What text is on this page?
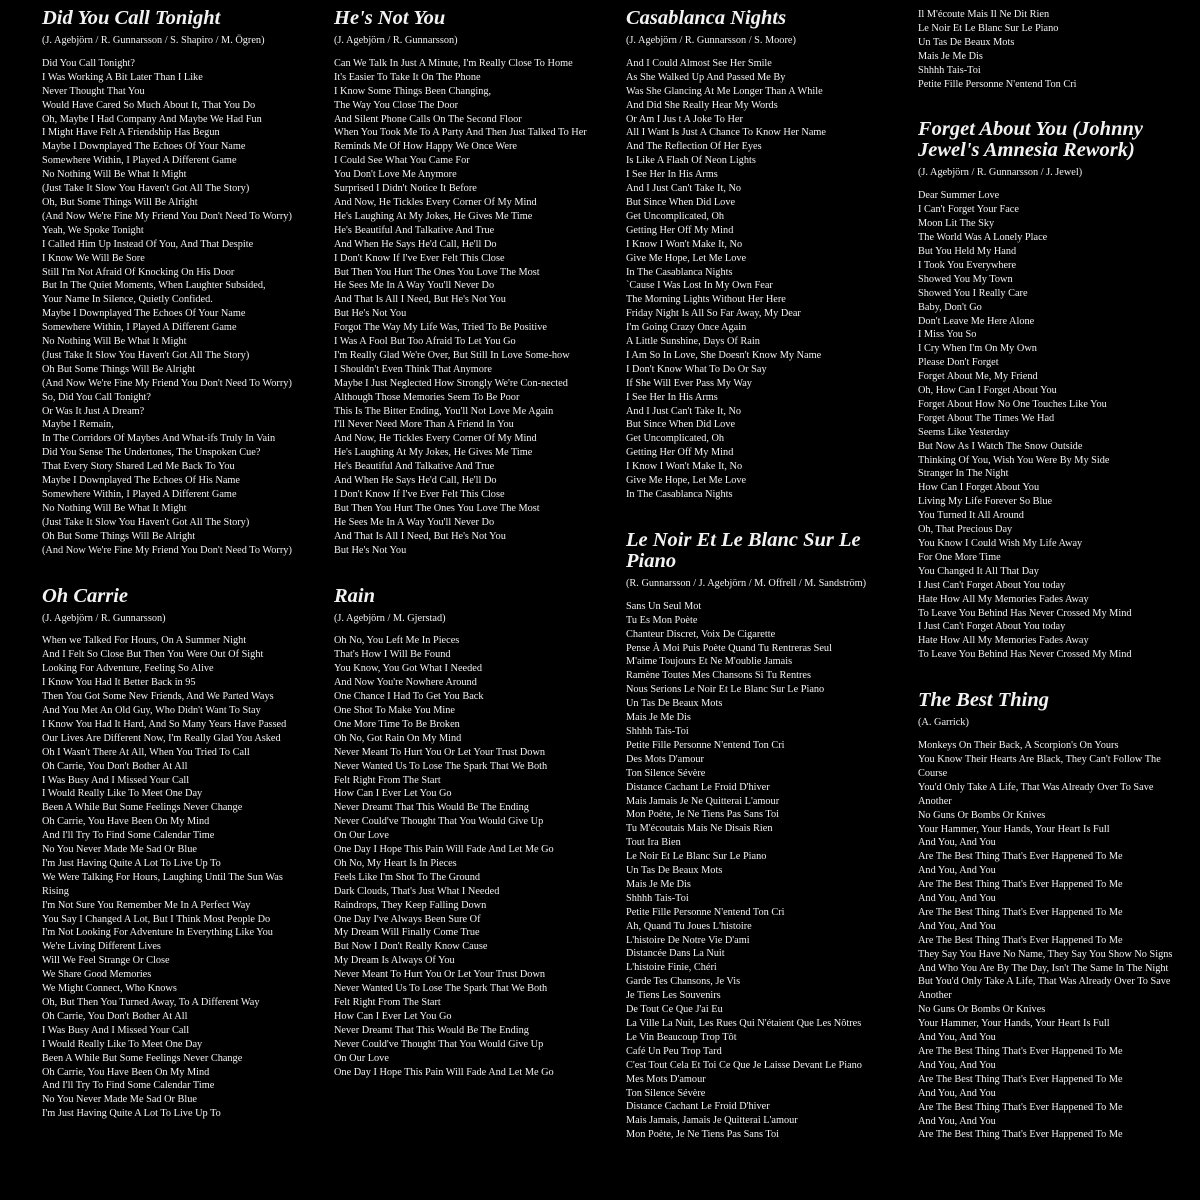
Did You Call Tonight

(J. Agebjörn / R. Gunnarsson / S. Shapiro / M. Ögren)

Did You Call Tonight?
I Was Working A Bit Later Than I Like
Never Thought That You
Would Have Cared So Much About It, That You Do
Oh, Maybe I Had Company And Maybe We Had Fun
I Might Have Felt A Friendship Has Begun
Maybe I Downplayed The Echoes Of Your Name
Somewhere Within, I Played A Different Game
No Nothing Will Be What It Might
(Just Take It Slow You Haven't Got All The Story)
Oh, But Some Things Will Be Alright
(And Now We're Fine My Friend You Don't Need To Worry)
Yeah, We Spoke Tonight
I Called Him Up Instead Of You, And That Despite
I Know We Will Be Sore
Still I'm Not Afraid Of Knocking On His Door
But In The Quiet Moments, When Laughter Subsided,
Your Name In Silence, Quietly Confided.
Maybe I Downplayed The Echoes Of Your Name
Somewhere Within, I Played A Different Game
No Nothing Will Be What It Might
(Just Take It Slow You Haven't Got All The Story)
Oh But Some Things Will Be Alright
(And Now We're Fine My Friend You Don't Need To Worry)
So, Did You Call Tonight?
Or Was It Just A Dream?
Maybe I Remain,
In The Corridors Of Maybes And What-ifs Truly In Vain
Did You Sense The Undertones, The Unspoken Cue?
That Every Story Shared Led Me Back To You
Maybe I Downplayed The Echoes Of His Name
Somewhere Within, I Played A Different Game
No Nothing Will Be What It Might
(Just Take It Slow You Haven't Got All The Story)
Oh But Some Things Will Be Alright
(And Now We're Fine My Friend You Don't Need To Worry)
Oh Carrie

(J. Agebjörn / R. Gunnarsson)

When we Talked For Hours, On A Summer Night
And I Felt So Close But Then You Were Out Of Sight
Looking For Adventure, Feeling So Alive
I Know You Had It Better Back in 95
Then You Got Some New Friends, And We Parted Ways
And You Met An Old Guy, Who Didn't Want To Stay
I Know You Had It Hard, And So Many Years Have Passed
Our Lives Are Different Now, I'm Really Glad You Asked
Oh I Wasn't There At All, When You Tried To Call
Oh Carrie, You Don't Bother At All
I Was Busy And I Missed Your Call
I Would Really Like To Meet One Day
Been A While But Some Feelings Never Change
Oh Carrie, You Have Been On My Mind
And I'll Try To Find Some Calendar Time
No You Never Made Me Sad Or Blue
I'm Just Having Quite A Lot To Live Up To
We Were Talking For Hours, Laughing Until The Sun Was Rising
I'm Not Sure You Remember Me In A Perfect Way
You Say I Changed A Lot, But I Think Most People Do
I'm Not Looking For Adventure In Everything Like You
We're Living Different Lives
Will We Feel Strange Or Close
We Share Good Memories
We Might Connect, Who Knows
Oh, But Then You Turned Away, To A Different Way
Oh Carrie, You Don't Bother At All
I Was Busy And I Missed Your Call
I Would Really Like To Meet One Day
Been A While But Some Feelings Never Change
Oh Carrie, You Have Been On My Mind
And I'll Try To Find Some Calendar Time
No You Never Made Me Sad Or Blue
I'm Just Having Quite A Lot To Live Up To
He's Not You

(J. Agebjörn / R. Gunnarsson)

Can We Talk In Just A Minute, I'm Really Close To Home
It's Easier To Take It On The Phone
I Know Some Things Been Changing,
The Way You Close The Door
And Silent Phone Calls On The Second Floor
When You Took Me To A Party And Then Just Talked To Her
Reminds Me Of How Happy We Once Were
I Could See What You Came For
You Don't Love Me Anymore
Surprised I Didn't Notice It Before
And Now, He Tickles Every Corner Of My Mind
He's Laughing At My Jokes, He Gives Me Time
He's Beautiful And Talkative And True
And When He Says He'd Call, He'll Do
I Don't Know If I've Ever Felt This Close
But Then You Hurt The Ones You Love The Most
He Sees Me In A Way You'll Never Do
And That Is All I Need, But He's Not You
But He's Not You
Forgot The Way My Life Was, Tried To Be Positive
I Was A Fool But Too Afraid To Let You Go
I'm Really Glad We're Over, But Still In Love Some-how
I Shouldn't Even Think That Anymore
Maybe I Just Neglected How Strongly We're Con-nected
Although Those Memories Seem To Be Poor
This Is The Bitter Ending, You'll Not Love Me Again
I'll Never Need More Than A Friend In You
And Now, He Tickles Every Corner Of My Mind
He's Laughing At My Jokes, He Gives Me Time
He's Beautiful And Talkative And True
And When He Says He'd Call, He'll Do
I Don't Know If I've Ever Felt This Close
But Then You Hurt The Ones You Love The Most
He Sees Me In A Way You'll Never Do
And That Is All I Need, But He's Not You
But He's Not You
Rain

(J. Agebjörn / M. Gjerstad)

Oh No, You Left Me In Pieces
That's How I Will Be Found
You Know, You Got What I Needed
And Now You're Nowhere Around
One Chance I Had To Get You Back
One Shot To Make You Mine
One More Time To Be Broken
Oh No, Got Rain On My Mind
Never Meant To Hurt You Or Let Your Trust Down
Never Wanted Us To Lose The Spark That We Both
Felt Right From The Start
How Can I Ever Let You Go
Never Dreamt That This Would Be The Ending
Never Could've Thought That You Would Give Up
On Our Love
One Day I Hope This Pain Will Fade And Let Me Go
Oh No, My Heart Is In Pieces
Feels Like I'm Shot To The Ground
Dark Clouds, That's Just What I Needed
Raindrops, They Keep Falling Down
One Day I've Always Been Sure Of
My Dream Will Finally Come True
But Now I Don't Really Know Cause
My Dream Is Always Of You
Never Meant To Hurt You Or Let Your Trust Down
Never Wanted Us To Lose The Spark That We Both
Felt Right From The Start
How Can I Ever Let You Go
Never Dreamt That This Would Be The Ending
Never Could've Thought That You Would Give Up
On Our Love
One Day I Hope This Pain Will Fade And Let Me Go
Casablanca Nights

(J. Agebjörn / R. Gunnarsson / S. Moore)

And I Could Almost See Her Smile
As She Walked Up And Passed Me By
Was She Glancing At Me Longer Than A While
And Did She Really Hear My Words
Or Am I Jus t A Joke To Her
All I Want Is Just A Chance To Know Her Name
And The Reflection Of Her Eyes
Is Like A Flash Of Neon Lights
I See Her In His Arms
And I Just Can't Take It, No
But Since When Did Love
Get Uncomplicated, Oh
Getting Her Off My Mind
I Know I Won't Make It, No
Give Me Hope, Let Me Love
In The Casablanca Nights
`Cause I Was Lost In My Own Fear
The Morning Lights Without Her Here
Friday Night Is All So Far Away, My Dear
I'm Going Crazy Once Again
A Little Sunshine, Days Of Rain
I Am So In Love, She Doesn't Know My Name
I Don't Know What To Do Or Say
If She Will Ever Pass My Way
I See Her In His Arms
And I Just Can't Take It, No
But Since When Did Love
Get Uncomplicated, Oh
Getting Her Off My Mind
I Know I Won't Make It, No
Give Me Hope, Let Me Love
In The Casablanca Nights
Le Noir Et Le Blanc Sur Le Piano

(R. Gunnarsson / J. Agebjörn / M. Offrell / M. Sandström)

Sans Un Seul Mot
Tu Es Mon Poète
Chanteur Discret, Voix De Cigarette
Pense À Moi Puis Poète Quand Tu Rentreras Seul
M'aime Toujours Et Ne M'oublie Jamais
Ramène Toutes Mes Chansons Si Tu Rentres
Nous Serions Le Noir Et Le Blanc Sur Le Piano
Un Tas De Beaux Mots
Mais Je Me Dis
Shhhh Tais-Toi
Petite Fille Personne N'entend Ton Cri
Des Mots D'amour
Ton Silence Sévère
Distance Cachant Le Froid D'hiver
Mais Jamais Je Ne Quitterai L'amour
Mon Poète, Je Ne Tiens Pas Sans Toi
Tu M'écoutais Mais Ne Disais Rien
Tout Ira Bien
Le Noir Et Le Blanc Sur Le Piano
Un Tas De Beaux Mots
Mais Je Me Dis
Shhhh Tais-Toi
Petite Fille Personne N'entend Ton Cri
Ah, Quand Tu Joues L'histoire
L'histoire De Notre Vie D'ami
Distancée Dans La Nuit
L'histoire Finie, Chéri
Garde Tes Chansons, Je Vis
Je Tiens Les Souvenirs
De Tout Ce Que J'ai Eu
La Ville La Nuit, Les Rues Qui N'étaient Que Les Nôtres
Le Vin Beaucoup Trop Tôt
Café Un Peu Trop Tard
C'est Tout Cela Et Toi Ce Que Je Laisse Devant Le Piano
Mes Mots D'amour
Ton Silence Sévère
Distance Cachant Le Froid D'hiver
Mais Jamais, Jamais Je Quitterai L'amour
Mon Poète, Je Ne Tiens Pas Sans Toi
Il M'écoute Mais Il Ne Dit Rien
Le Noir Et Le Blanc Sur Le Piano
Un Tas De Beaux Mots
Mais Je Me Dis
Shhhh Tais-Toi
Petite Fille Personne N'entend Ton Cri
Forget About You (Johnny Jewel's Amnesia Rework)

(J. Agebjörn / R. Gunnarsson / J. Jewel)

Dear Summer Love
I Can't Forget Your Face
Moon Lit The Sky
The World Was A Lonely Place
But You Held My Hand
I Took You Everywhere
Showed You My Town
Showed You I Really Care
Baby, Don't Go
Don't Leave Me Here Alone
I Miss You So
I Cry When I'm On My Own
Please Don't Forget
Forget About Me, My Friend
Oh, How Can I Forget About You
Forget About How No One Touches Like You
Forget About The Times We Had
Seems Like Yesterday
But Now As I Watch The Snow Outside
Thinking Of You, Wish You Were By My Side
Stranger In The Night
How Can I Forget About You
Living My Life Forever So Blue
You Turned It All Around
Oh, That Precious Day
You Know I Could Wish My Life Away
For One More Time
You Changed It All That Day
I Just Can't Forget About You today
Hate How All My Memories Fades Away
To Leave You Behind Has Never Crossed My Mind
I Just Can't Forget About You today
Hate How All My Memories Fades Away
To Leave You Behind Has Never Crossed My Mind
The Best Thing

(A. Garrick)

Monkeys On Their Back, A Scorpion's On Yours
You Know Their Hearts Are Black, They Can't Follow The Course
You'd Only Take A Life, That Was Already Over To Save Another
No Guns Or Bombs Or Knives
Your Hammer, Your Hands, Your Heart Is Full
And You, And You
Are The Best Thing That's Ever Happened To Me
And You, And You
Are The Best Thing That's Ever Happened To Me
And You, And You
Are The Best Thing That's Ever Happened To Me
And You, And You
Are The Best Thing That's Ever Happened To Me
They Say You Have No Name, They Say You Show No Signs
And Who You Are By The Day, Isn't The Same In The Night
But You'd Only Take A Life, That Was Already Over To Save Another
No Guns Or Bombs Or Knives
Your Hammer, Your Hands, Your Heart Is Full
And You, And You
Are The Best Thing That's Ever Happened To Me
And You, And You
Are The Best Thing That's Ever Happened To Me
And You, And You
Are The Best Thing That's Ever Happened To Me
And You, And You
Are The Best Thing That's Ever Happened To Me
